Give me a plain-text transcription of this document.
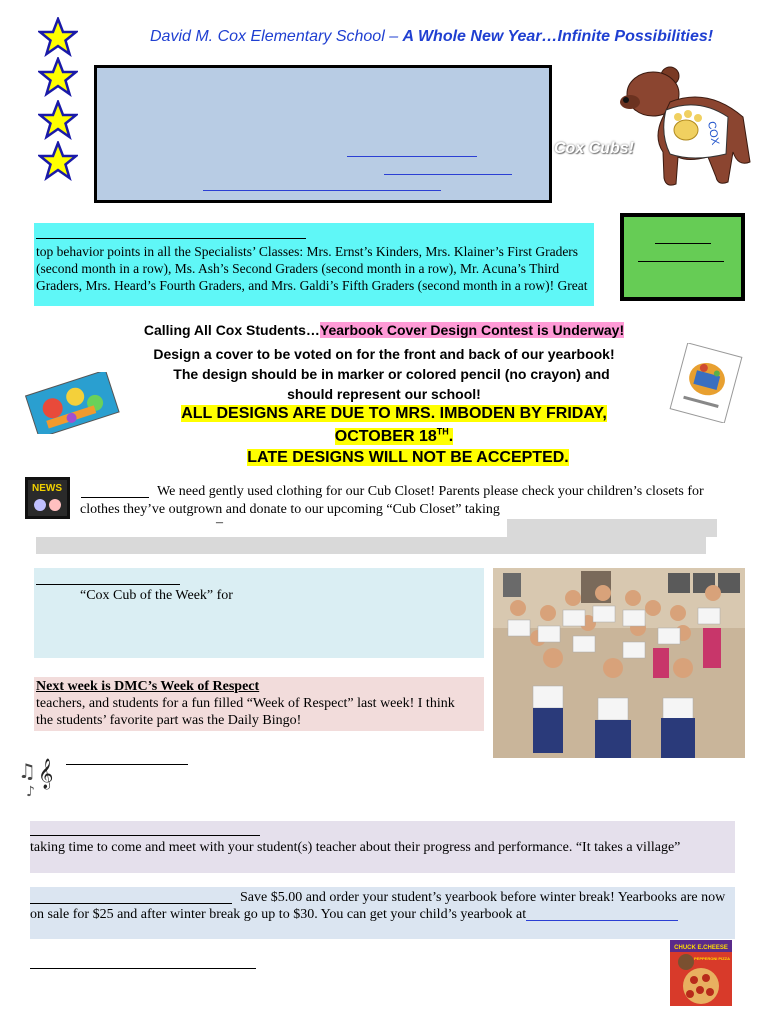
David M. Cox Elementary School – A Whole New Year…Infinite Possibilities!
COX
Cox Cubs!
top behavior points in all the Specialists’ Classes: Mrs. Ernst’s Kinders, Mrs. Klainer’s First Graders (second month in a row), Ms. Ash’s Second Graders (second month in a row), Mr. Acuna’s Third Graders, Mrs. Heard’s Fourth Graders, and Mrs. Galdi’s Fifth Graders (second month in a row)! Great
Calling All Cox Students…Yearbook Cover Design Contest is Underway!
Design a cover to be voted on for the front and back of our yearbook!
The design should be in marker or colored pencil (no crayon) and
should represent our school!
ALL DESIGNS ARE DUE TO MRS. IMBODEN BY FRIDAY,
OCTOBER 18TH.
LATE DESIGNS WILL NOT BE ACCEPTED.
NEWS	We need gently used clothing for our Cub Closet! Parents please check your children’s closets for clothes they’ve outgrown and donate to our upcoming “Cub Closet” taking
–
“Cox Cub of the Week” for
Next week is DMC’s Week of Respect
teachers, and students for a fun filled “Week of Respect” last week! I think the students’ favorite part was the Daily Bingo!
♫ 𝄞
♪
taking time to come and meet with your student(s) teacher about their progress and performance. “It takes a village”
Save $5.00 and order your student’s yearbook before winter break! Yearbooks are now on sale for $25 and after winter break go up to $30. You can get your child’s yearbook at
CHUCK E.CHEESE
PEPPERONI PIZZA
